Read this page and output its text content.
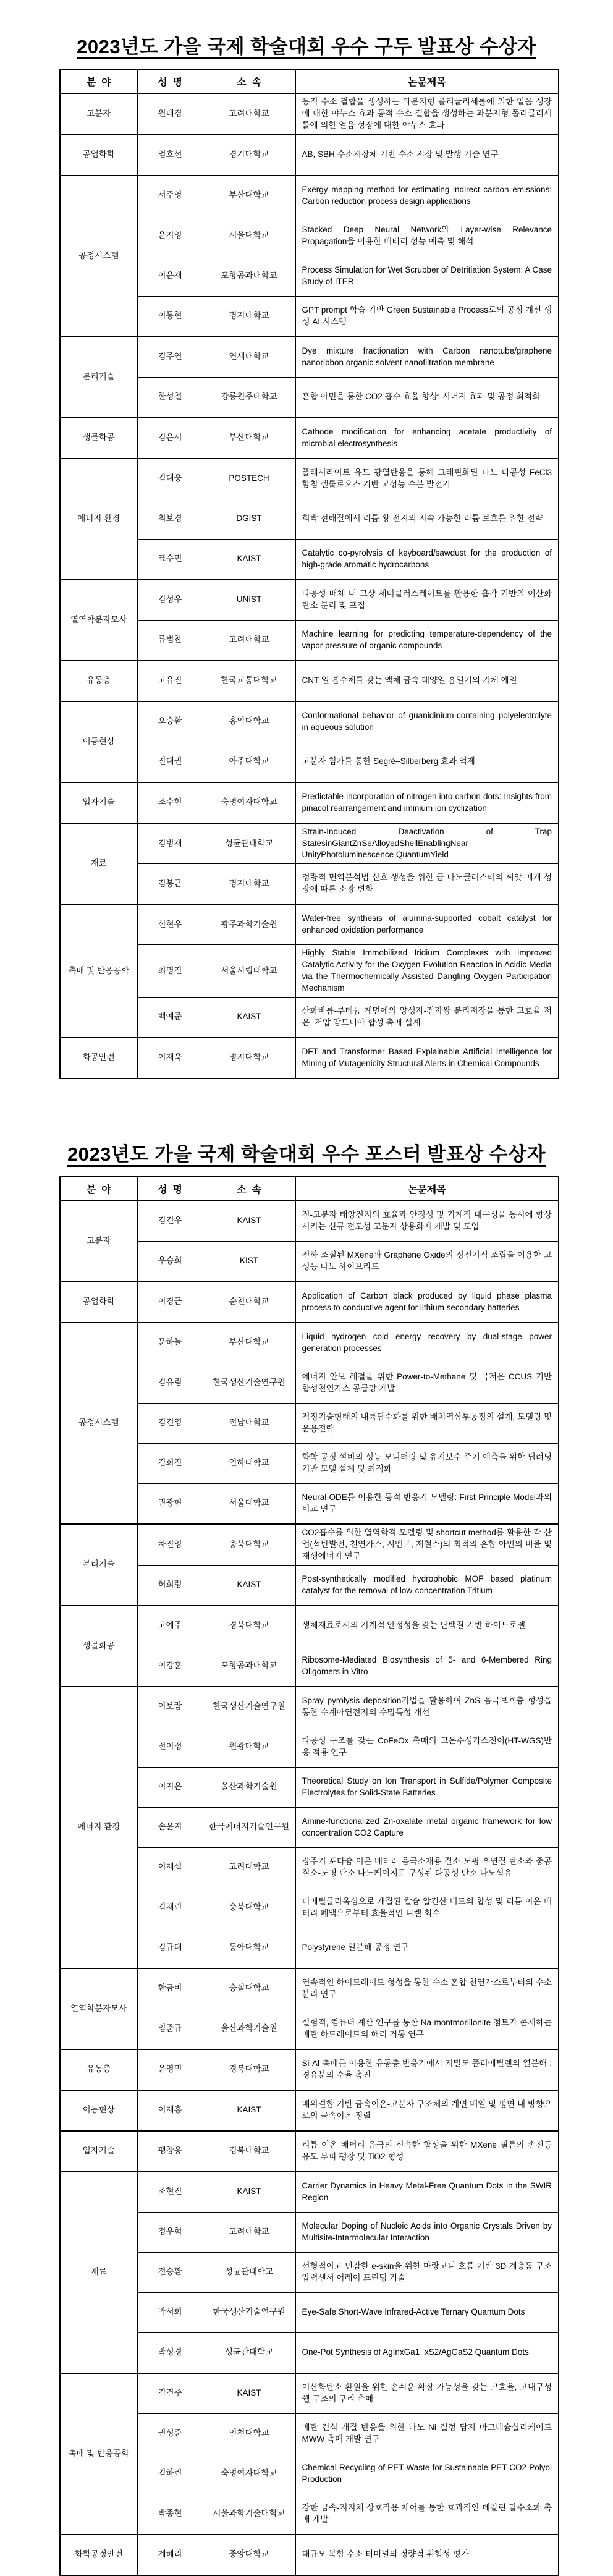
2023년도 가을 국제 학술대회 우수 구두 발표상 수상자
분  야	성  명	소  속	논문제목
고분자	원태경	고려대학교	동적 수소 결합을 생성하는 과분지형 폴리글리세롤에 의한 얼음 성장에 대한 야누스 효과 동적 수소 결합을 생성하는 과분지형 폴리글리세롤에 의한 얼음 성장에 대한 야누스 효과
공업화학	엄호선	경기대학교	AB, SBH 수소저장체 기반 수소 저장 및 발생 기술 연구
공정시스템	서주영	부산대학교	Exergy mapping method for estimating indirect carbon emissions: Carbon reduction process design applications
	윤지영	서울대학교	Stacked Deep Neural Network와 Layer-wise Relevance Propagation을 이용한 배터리 성능 예측 및 해석
	이윤재	포항공과대학교	Process Simulation for Wet Scrubber of Detritiation System: A Case Study of ITER
	이동현	명지대학교	GPT prompt 학습 기반 Green Sustainable Process로의 공정 개선 생성 AI 시스템
분리기술	김주연	연세대학교	Dye mixture fractionation with Carbon nanotube/graphene nanoribbon organic solvent nanofiltration membrane
	한성철	강릉원주대학교	혼합 아민을 통한 CO2 흡수 효율 향상: 시너지 효과 및 공정 최적화
생물화공	김은서	부산대학교	Cathode modification for enhancing acetate productivity of microbial electrosynthesis
에너지 환경	김대웅	POSTECH	플래시라이트 유도 광열반응을 통해 그래핀화된 나노 다공성 FeCl3 함침 셀룰로오스 기반 고성능 수분 발전기
	최보경	DGIST	희박 전해질에서 리튬-황 전지의 지속 가능한 리튬 보호를 위한 전략
	표수민	KAIST	Catalytic co-pyrolysis of keyboard/sawdust for the production of high-grade aromatic hydrocarbons
열역학분자모사	김성우	UNIST	다공성 매체 내 고상 세미클러스레이트를 활용한 흡착 기반의 이산화탄소 분리 및 포집
	류범찬	고려대학교	Machine learning for predicting temperature-dependency of the vapor pressure of organic compounds
유동층	고유진	한국교통대학교	CNT 열 흡수체를 갖는 액체 금속 태양열 흡열기의 기체 예열
이동현상	오승환	홍익대학교	Conformational behavior of guanidinium-containing polyelectrolyte in aqueous solution
	진대권	아주대학교	고분자 첨가를 통한 Segré–Silberberg 효과 억제
입자기술	조수현	숙명여자대학교	Predictable incorporation of nitrogen into carbon dots: Insights from pinacol rearrangement and iminium ion cyclization
재료	김병재	성균관대학교	Strain-Induced Deactivation of Trap StatesinGiantZnSeAlloyedShellEnablingNear-UnityPhotoluminescence QuantumYield
	김봉근	명지대학교	정량적 면역분석법 신호 생성을 위한 금 나노클러스터의 씨앗-매개 성장에 따른 소광 변화
촉매 및 반응공학	신현우	광주과학기술원	Water-free synthesis of alumina-supported cobalt catalyst for enhanced oxidation performance
	최명진	서울시립대학교	Highly Stable Immobilized Iridium Complexes with Improved Catalytic Activity for the Oxygen Evolution Reaction in Acidic Media via the Thermochemically Assisted Dangling Oxygen Participation Mechanism
	백예준	KAIST	산화바륨-루테늄 계면에의 양성자-전자쌍 분리저장을 통한 고효율 저온, 저압 암모니아 합성 촉매 설계
화공안전	이재욱	명지대학교	DFT and Transformer Based Explainable Artificial Intelligence for Mining of Mutagenicity Structural Alerts in Chemical Compounds
2023년도 가을 국제 학술대회 우수 포스터 발표상 수상자
분  야	성  명	소  속	논문제목
고분자	김건우	KAIST	전-고분자 태양전지의 효율과 안정성 및 기계적 내구성을 동시에 향상시키는 신규 전도성 고분자 상용화제 개발 및 도입
	우승희	KIST	전하 조절된 MXene과 Graphene Oxide의 정전기적 조립을 이용한 고성능 나노 하이브리드
공업화학	이경근	순천대학교	Application of Carbon black produced by liquid phase plasma process to conductive agent for lithium secondary batteries
공정시스템	문하늘	부산대학교	Liquid hydrogen cold energy recovery by dual-stage power generation processes
	김유림	한국생산기술연구원	에너지 안보 해결을 위한 Power-to-Methane 및 극저온 CCUS 기반 합성천연가스 공급망 개발
	김건영	전남대학교	적정기술형태의 내륙담수화를 위한 배치역삼투공정의 설계, 모델링 및 운용전략
	김희진	인하대학교	화학 공정 설비의 성능 모니터링 및 유지보수 주기 예측을 위한 딥러닝 기반 모델 설계 및 최적화
	권광현	서울대학교	Neural ODE를 이용한 동적 반응기 모델링: First-Principle Model과의 비교 연구
분리기술	차진영	충북대학교	CO2흡수를 위한 열역학적 모델링 및 shortcut method를 활용한 각 산업(석탄발전, 천연가스, 시멘트, 제철소)의 최적의 혼합 아민의 비율 및 재생에너지 연구
	허희령	KAIST	Post-synthetically modified hydrophobic MOF based platinum catalyst for the removal of low-concentration Tritium
생물화공	고예주	경북대학교	생체재료로서의 기계적 안정성을 갖는 단백질 기반 하이드로젤
	이강훈	포항공과대학교	Ribosome-Mediated Biosynthesis of 5- and 6-Membered Ring Oligomers in Vitro
에너지 환경	이보람	한국생산기술연구원	Spray pyrolysis deposition기법을 활용하여 ZnS 음극보호층 형성을 통한 수계아연전지의 수명특성 개선
	전이정	원광대학교	다공성 구조를 갖는 CoFeOx 촉매의 고온수성가스전이(HT-WGS)반응 적용 연구
	이지은	울산과학기술원	Theoretical Study on Ion Transport in Sulfide/Polymer Composite Electrolytes for Solid-State Batteries
	손윤지	한국에너지기술연구원	Amine-functionalized Zn-oxalate metal organic framework for low concentration CO2 Capture
	이재섭	고려대학교	장주기 포타슘-이온 배터리 음극소재용 질소-도핑 흑연질 탄소와 중공 질소-도핑 탄소 나노케이지로 구성된 다공성 탄소 나노섬유
	김채린	충북대학교	디메틸글리옥심으로 개질된 칼슘 알긴산 비드의 합성 및 리튬 이온 배터리 폐액으로부터 효율적인 니켈 회수
	김규태	동아대학교	Polystyrene 열분해 공정 연구
열역학분자모사	한금비	숭실대학교	연속적인 하이드레이트 형성을 통한 수소 혼합 천연가스로부터의 수소 분리 연구
	임준규	울산과학기술원	실험적, 컴퓨터 계산 연구를 통한 Na-montmorillonite 점토가 존재하는 메탄 하드레이트의 해리 거동 연구
유동층	윤영민	경북대학교	Si-Al 촉매를 이용한 유동층 반응기에서 저밀도 폴리에틸렌의 열분해 : 경유분의 수율 촉진
이동현상	이재홍	KAIST	배위결합 기반 금속이온-고분자 구조체의 계면 배열 및 평면 내 방향으로의 금속이온 정렬
입자기술	팽창응	경북대학교	리튬 이온 배터리 음극의 신속한 합성을 위한 MXene 필름의 손전등 유도 부피 팽창 및 TiO2 형성
재료	조현진	KAIST	Carrier Dynamics in Heavy Metal-Free Quantum Dots in the SWIR Region
	정우혁	고려대학교	Molecular Doping of Nucleic Acids into Organic Crystals Driven by Multisite-Intermolecular Interaction
	전승환	성균관대학교	선형적이고 민감한 e-skin을 위한 마랑고니 흐름 기반 3D 계층돔 구조 압력센서 어레이 프린팅 기술
	박서희	한국생산기술연구원	Eye-Safe Short-Wave Infrared-Active Ternary Quantum Dots
	박성경	성균관대학교	One-Pot Synthesis of AgInxGa1−xS2/AgGaS2 Quantum Dots
촉매 및 반응공학	김건주	KAIST	이산화탄소 환원을 위한 손쉬운 확장 가능성을 갖는 고효율, 고내구성 쉘 구조의 구리 촉매
	권성준	인천대학교	메탄 건식 개질 반응을 위한 나노 Ni 결정 담지 마그네슘실리케이트 MWW 촉매 개발 연구
	김하린	숙명여자대학교	Chemical Recycling of PET Waste for Sustainable PET-CO2 Polyol Production
	박종현	서울과학기술대학교	강한 금속-지지체 상호작용 제어를 통한 효과적인 데칼린 탈수소화 촉매 개발
화학공정안전	계혜리	중앙대학교	대규모 복합 수소 터미널의 정량적 위험성 평가
